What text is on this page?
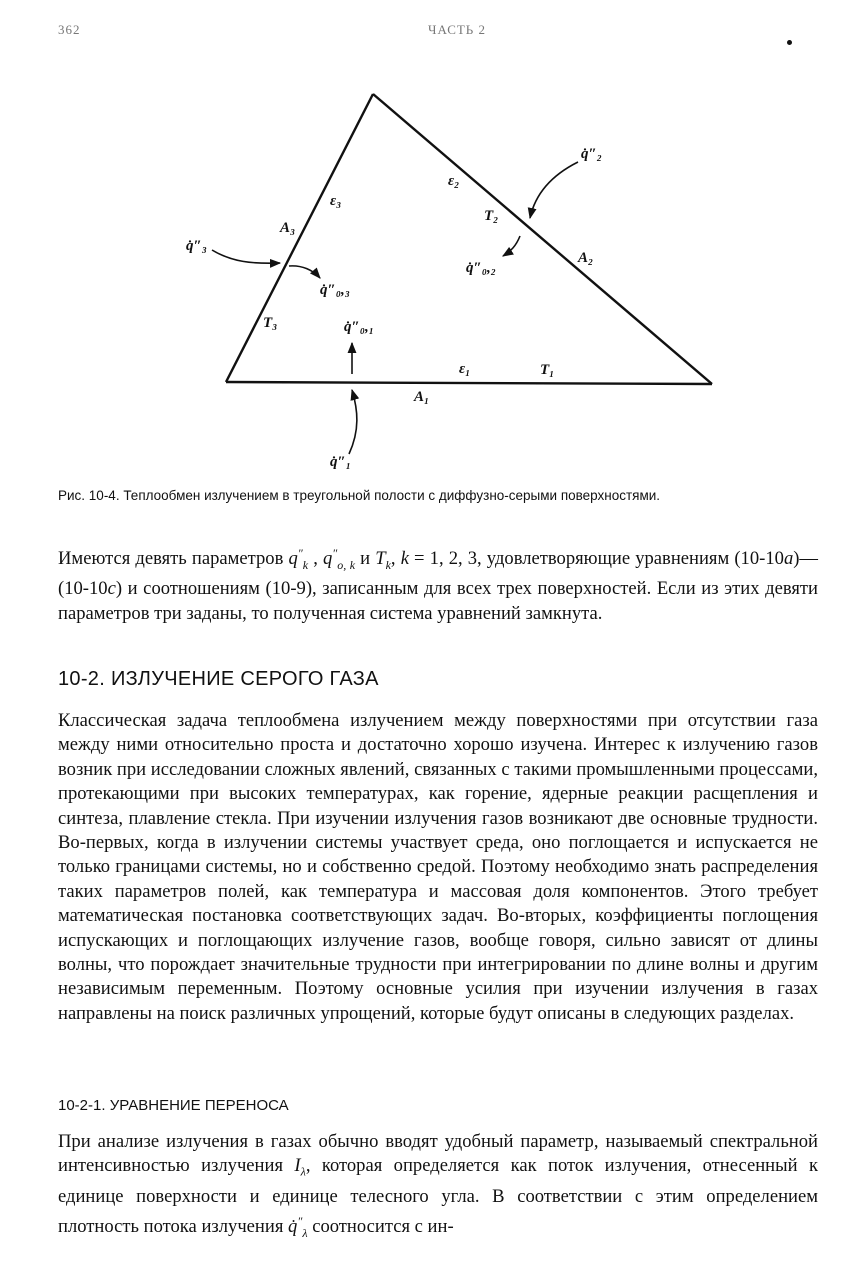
362	ЧАСТЬ 2
q̇″₂
ε₂
T₂
A₂
q̇″₀,₂
ε₃
A₃
q̇″₃
q̇″₀,₃
T₃	q̇″₀,₁
ε₁	T₁
A₁
q̇″₁
Рис. 10-4. Теплообмен излучением в треугольной полости с диффузно-серыми поверхностями.

Имеются девять параметров $q''_k$ , $q''_{o, k}$ и $T_k$, k = 1, 2, 3, удовлетворяющие уравнениям (10-10a)—(10-10c) и соотношениям (10-9), записанным для всех трех поверхностей. Если из этих девяти параметров три заданы, то полученная система уравнений замкнута.

10-2. ИЗЛУЧЕНИЕ СЕРОГО ГАЗА

Классическая задача теплообмена излучением между поверхностями при отсутствии газа между ними относительно проста и достаточно хорошо изучена. Интерес к излучению газов возник при исследовании сложных явлений, связанных с такими промышленными процессами, протекающими при высоких температурах, как горение, ядерные реакции расщепления и синтеза, плавление стекла. При изучении излучения газов возникают две основные трудности. Во-первых, когда в излучении системы участвует среда, оно поглощается и испускается не только границами системы, но и собственно средой. Поэтому необходимо знать распределения таких параметров полей, как температура и массовая доля компонентов. Этого требует математическая постановка соответствующих задач. Во-вторых, коэффициенты поглощения испускающих и поглощающих излучение газов, вообще говоря, сильно зависят от длины волны, что порождает значительные трудности при интегрировании по длине волны и другим независимым переменным. Поэтому основные усилия при изучении излучения в газах направлены на поиск различных упрощений, которые будут описаны в следующих разделах.

10-2-1. УРАВНЕНИЕ ПЕРЕНОСА

При анализе излучения в газах обычно вводят удобный параметр, называемый спектральной интенсивностью излучения $I_\lambda$, которая определяется как поток излучения, отнесенный к единице поверхности и единице телесного угла. В соответствии с этим определением плотность потока излучения $q̇''_\lambda$ соотносится с ин-
